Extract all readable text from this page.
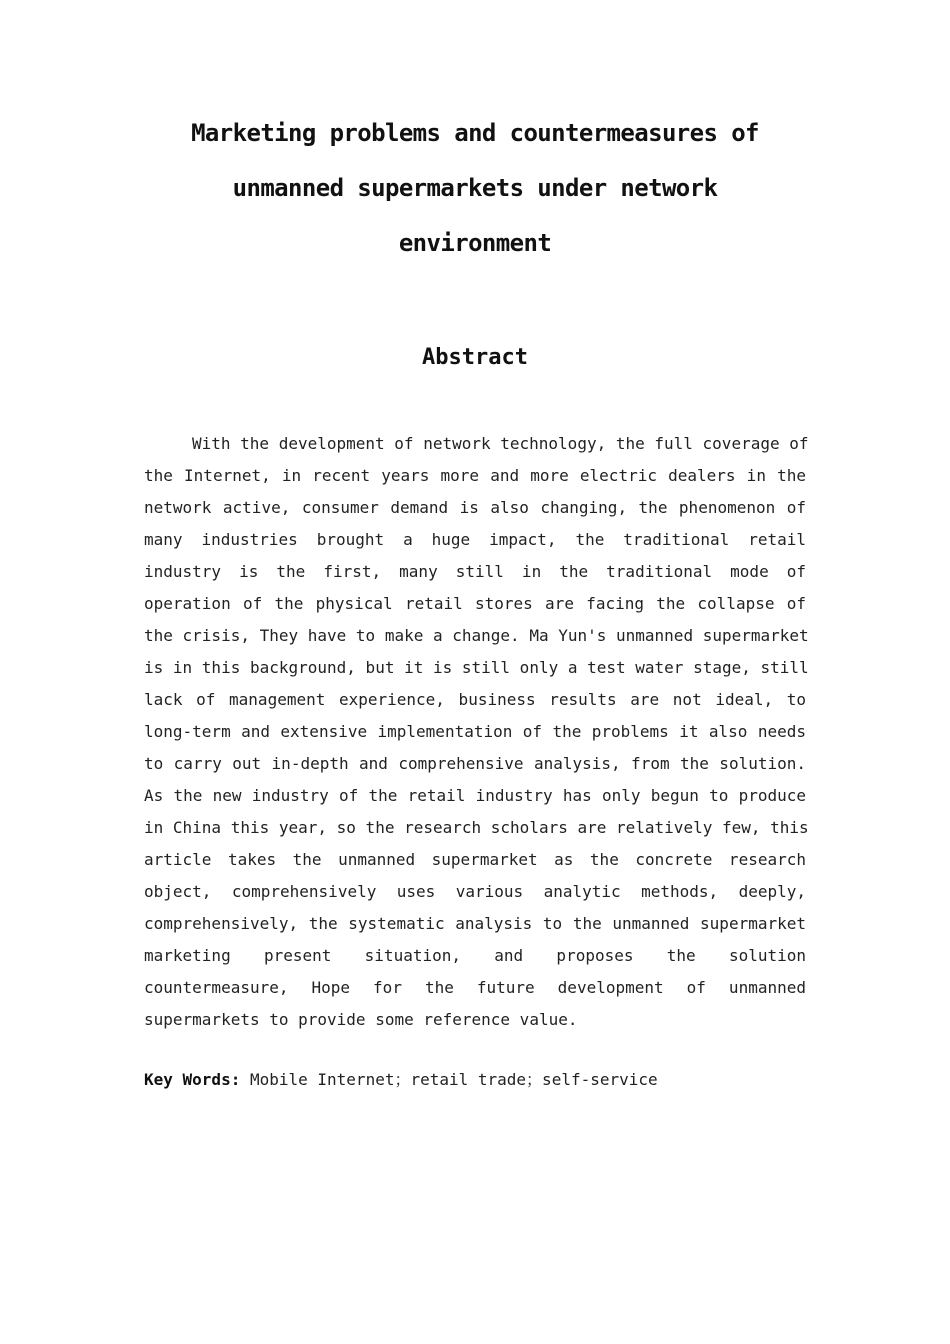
Marketing problems and countermeasures of
unmanned supermarkets under network
environment
Abstract
With the development of network technology, the full coverage of
the Internet, in recent years more and more electric dealers in the
network active, consumer demand is also changing, the phenomenon of
many industries brought a huge impact, the traditional retail
industry is the first, many still in the traditional mode of
operation of the physical retail stores are facing the collapse of
the crisis, They have to make a change. Ma Yun's unmanned supermarket
is in this background, but it is still only a test water stage, still
lack of management experience, business results are not ideal, to
long-term and extensive implementation of the problems it also needs
to carry out in-depth and comprehensive analysis, from the solution.
As the new industry of the retail industry has only begun to produce
in China this year, so the research scholars are relatively few, this
article takes the unmanned supermarket as the concrete research
object, comprehensively uses various analytic methods, deeply,
comprehensively, the systematic analysis to the unmanned supermarket
marketing present situation, and proposes the solution
countermeasure, Hope for the future development of unmanned
supermarkets to provide some reference value.

Key Words: Mobile Internet；retail trade；self-service
